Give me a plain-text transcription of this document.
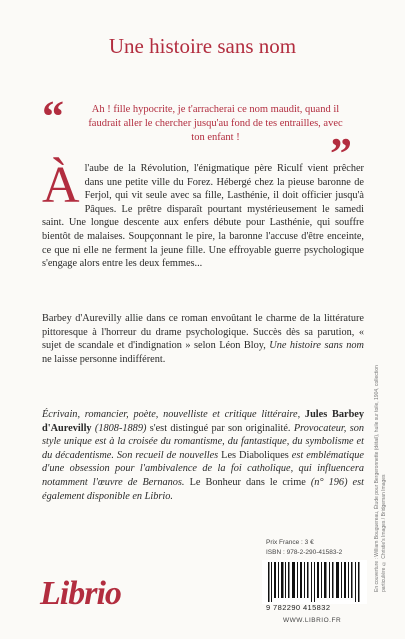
Une histoire sans nom
“	Ah ! fille hypocrite, je t'arracherai ce nom maudit, quand il faudrait aller le chercher jusqu'au fond de tes entrailles, avec ton enfant !	”
À l'aube de la Révolution, l'énigmatique père Riculf vient prêcher dans une petite ville du Forez. Hébergé chez la pieuse baronne de Ferjol, qui vit seule avec sa fille, Lasthénie, il doit officier jusqu'à Pâques. Le prêtre disparaît pourtant mystérieusement le samedi saint. Une longue descente aux enfers débute pour Lasthénie, qui souffre bientôt de malaises. Soupçonnant le pire, la baronne l'accuse d'être enceinte, ce que ni elle ne ferment la jeune fille. Une effroyable guerre psychologique s'engage alors entre les deux femmes...
Barbey d'Aurevilly allie dans ce roman envoûtant le charme de la littérature pittoresque à l'horreur du drame psychologique. Succès dès sa parution, « sujet de scandale et d'indignation » selon Léon Bloy, Une histoire sans nom ne laisse personne indifférent.
Écrivain, romancier, poète, nouvelliste et critique littéraire, Jules Barbey d'Aurevilly (1808-1889) s'est distingué par son originalité. Provocateur, son style unique est à la croisée du romantisme, du fantastique, du symbolisme et du décadentisme. Son recueil de nouvelles Les Diaboliques est emblématique d'une obsession pour l'ambivalence de la foi catholique, qui influencera notamment l'œuvre de Bernanos. Le Bonheur dans le crime (n° 196) est également disponible en Librio.	En couverture : William Bouguereau, Étude pour Bergeronnette (détail), huile sur toile, 1904, collection particulière © Christie's Images / Bridgeman Images
Prix France : 3 €
ISBN : 978-2-290-41583-2
9 782290 415832
WWW.LIBRIO.FR
Librio
